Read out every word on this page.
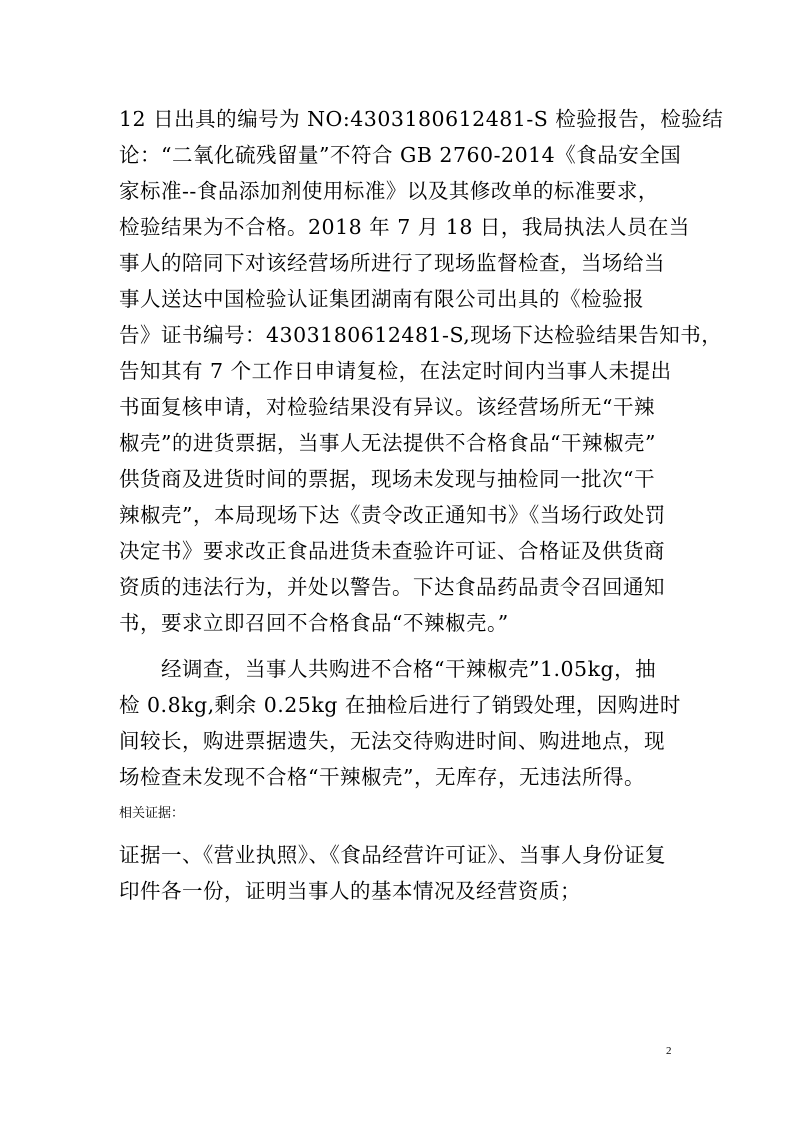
12 日出具的编号为 NO:4303180612481-S 检验报告，检验结
论：“二氧化硫残留量”不符合 GB 2760-2014《食品安全国
家标准--食品添加剂使用标准》以及其修改单的标准要求，
检验结果为不合格。2018 年 7 月 18 日，我局执法人员在当
事人的陪同下对该经营场所进行了现场监督检查，当场给当
事人送达中国检验认证集团湖南有限公司出具的《检验报
告》证书编号：4303180612481-S,现场下达检验结果告知书，
告知其有 7 个工作日申请复检，在法定时间内当事人未提出
书面复核申请，对检验结果没有异议。该经营场所无“干辣
椒壳”的进货票据，当事人无法提供不合格食品“干辣椒壳”
供货商及进货时间的票据，现场未发现与抽检同一批次“干
辣椒壳”，本局现场下达《责令改正通知书》《当场行政处罚
决定书》要求改正食品进货未查验许可证、合格证及供货商
资质的违法行为，并处以警告。下达食品药品责令召回通知
书，要求立即召回不合格食品“不辣椒壳。”
经调查，当事人共购进不合格“干辣椒壳”1.05kg，抽
检 0.8kg,剩余 0.25kg 在抽检后进行了销毁处理，因购进时
间较长，购进票据遗失，无法交待购进时间、购进地点，现
场检查未发现不合格“干辣椒壳”，无库存，无违法所得。
相关证据：
证据一、《营业执照》、《食品经营许可证》、当事人身份证复
印件各一份，证明当事人的基本情况及经营资质；
2
